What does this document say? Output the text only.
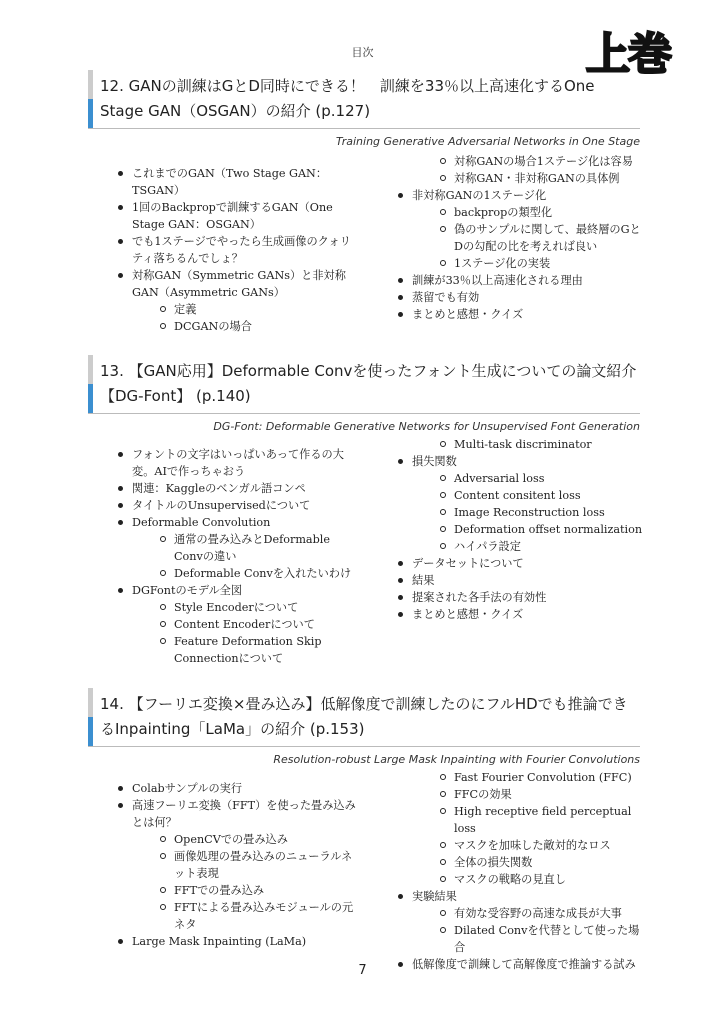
目次	上巻
12. GANの訓練はGとD同時にできる！　訓練を33％以上高速化するOne Stage GAN（OSGAN）の紹介 (p.127)
Training Generative Adversarial Networks in One Stage
これまでのGAN（Two Stage GAN：TSGAN）
1回のBackpropで訓練するGAN（One Stage GAN：OSGAN）
でも1ステージでやったら生成画像のクォリティ落ちるんでしょ？
対称GAN（Symmetric GANs）と非対称GAN（Asymmetric GANs）
定義
DCGANの場合
対称GANの場合1ステージ化は容易
対称GAN・非対称GANの具体例
非対称GANの1ステージ化
backpropの類型化
偽のサンプルに関して、最終層のGとDの勾配の比を考えれば良い
1ステージ化の実装
訓練が33％以上高速化される理由
蒸留でも有効
まとめと感想・クイズ
13. 【GAN応用】Deformable Convを使ったフォント生成についての論文紹介【DG-Font】 (p.140)
DG-Font: Deformable Generative Networks for Unsupervised Font Generation
フォントの文字はいっぱいあって作るの大変。AIで作っちゃおう
関連：Kaggleのベンガル語コンペ
タイトルのUnsupervisedについて
Deformable Convolution
通常の畳み込みとDeformable Convの違い
Deformable Convを入れたいわけ
DGFontのモデル全図
Style Encoderについて
Content Encoderについて
Feature Deformation Skip Connectionについて
Multi-task discriminator
損失関数
Adversarial loss
Content consitent loss
Image Reconstruction loss
Deformation offset normalization
ハイパラ設定
データセットについて
結果
提案された各手法の有効性
まとめと感想・クイズ
14. 【フーリエ変換×畳み込み】低解像度で訓練したのにフルHDでも推論できるInpainting「LaMa」の紹介 (p.153)
Resolution-robust Large Mask Inpainting with Fourier Convolutions
Colabサンプルの実行
高速フーリエ変換（FFT）を使った畳み込みとは何？
OpenCVでの畳み込み
画像処理の畳み込みのニューラルネット表現
FFTでの畳み込み
FFTによる畳み込みモジュールの元ネタ
Large Mask Inpainting (LaMa)
Fast Fourier Convolution (FFC)
FFCの効果
High receptive field perceptual loss
マスクを加味した敵対的なロス
全体の損失関数
マスクの戦略の見直し
実験結果
有効な受容野の高速な成長が大事
Dilated Convを代替として使った場合
低解像度で訓練して高解像度で推論する試み
7
